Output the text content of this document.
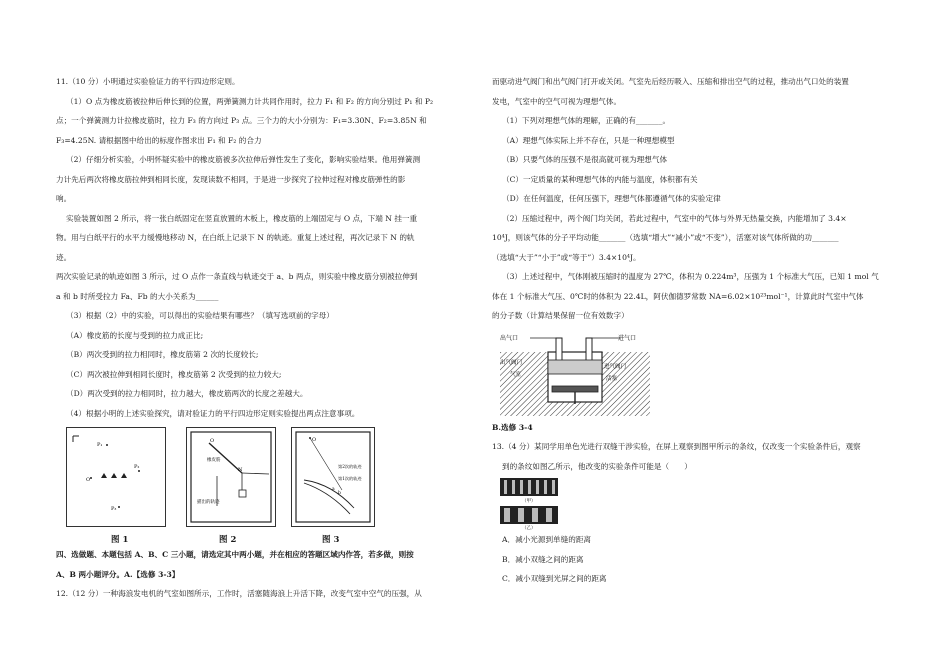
11.（10 分）小明通过实验验证力的平行四边形定则。

（1）O 点为橡皮筋被拉伸后伸长到的位置，两弹簧测力计共同作用时，拉力 F₁ 和 F₂ 的方向分别过 P₁ 和 P₂

点；一个弹簧测力计拉橡皮筋时，拉力 F₃ 的方向过 P₃ 点。三个力的大小分别为：F₁=3.30N、F₂=3.85N 和

F₃=4.25N. 请根据图中给出的标度作图求出 F₁ 和 F₂ 的合力

（2）仔细分析实验，小明怀疑实验中的橡皮筋被多次拉伸后弹性发生了变化，影响实验结果。他用弹簧测

力计先后两次将橡皮筋拉伸到相同长度，发现读数不相同，于是进一步探究了拉伸过程对橡皮筋弹性的影

响。

实验装置如图 2 所示，将一张白纸固定在竖直放置的木板上，橡皮筋的上端固定与 O 点，下端 N 挂一重

物。用与白纸平行的水平力缓慢地移动 N，在白纸上记录下 N 的轨迹。重复上述过程，再次记录下 N 的轨

迹。

两次实验记录的轨迹如图 3 所示，过 O 点作一条直线与轨迹交于 a、b 两点，则实验中橡皮筋分别被拉伸到

a 和 b 时所受拉力 Fa、Fb 的大小关系为______

（3）根据（2）中的实验，可以得出的实验结果有哪些？（填写选项前的字母）

（A）橡皮筋的长度与受到的拉力成正比;

（B）两次受到的拉力相同时，橡皮筋第 2 次的长度较长;

（C）两次被拉伸到相同长度时，橡皮筋第 2 次受到的拉力较大;

（D）两次受到的拉力相同时，拉力越大，橡皮筋两次的长度之差越大。

（4）根据小明的上述实验探究，请对验证力的平行四边形定则实验提出两点注意事项。

P₁
O
P₂
P₃
O
橡皮筋
N
描出的轨迹
O
第2次的轨迹
第1次的轨迹
a
b
图 1	图 2	图 3

四、选做题、本题包括 A、B、C 三小题，请选定其中两小题，并在相应的答题区域内作答，若多做，则按

A、B 两小题评分。A.【选修 3-3】

12.（12 分）一种海浪发电机的气室如图所示，工作时，活塞随海浪上升活下降，改变气室中空气的压强，从

而驱动进气阀门和出气阀门打开或关闭。气室先后经历吸入、压缩和排出空气的过程，推动出气口处的装置

发电，气室中的空气可视为理想气体。

（1）下列对理想气体的理解，正确的有_______。

（A）理想气体实际上并不存在，只是一种理想模型

（B）只要气体的压强不是很高就可视为理想气体

（C）一定质量的某种理想气体的内能与温度，体积都有关

（D）在任何温度，任何压强下，理想气体都遵循气体的实验定律

（2）压缩过程中，两个阀门均关闭，若此过程中，气室中的气体与外界无热量交换，内能增加了 3.4×

10⁴J，则该气体的分子平均动能_______（选填“增大”“减小”或“不变”），活塞对该气体所做的功_______

（选填“大于”“小于”或“等于”）3.4×10⁴J。

（3）上述过程中，气体刚被压缩时的温度为 27℃，体积为 0.224m³，压强为 1 个标准大气压，已知 1 mol 气

体在 1 个标准大气压、0℃时的体积为 22.4L，阿伏伽德罗常数 NA=6.02×10²³mol⁻¹，计算此时气室中气体

的分子数（计算结果保留一位有效数字）

出气口	进气口
出气阀门
进气阀门
气室
活塞

B.选修 3-4

13.（4 分）某同学用单色光进行双缝干涉实验，在屏上观察到图甲所示的条纹，仅改变一个实验条件后，观察

到的条纹如图乙所示，他改变的实验条件可能是（　　）

（甲）
（乙）

A．减小光源到单缝的距离

B．减小双缝之间的距离

C．减小双缝到光屏之间的距离
